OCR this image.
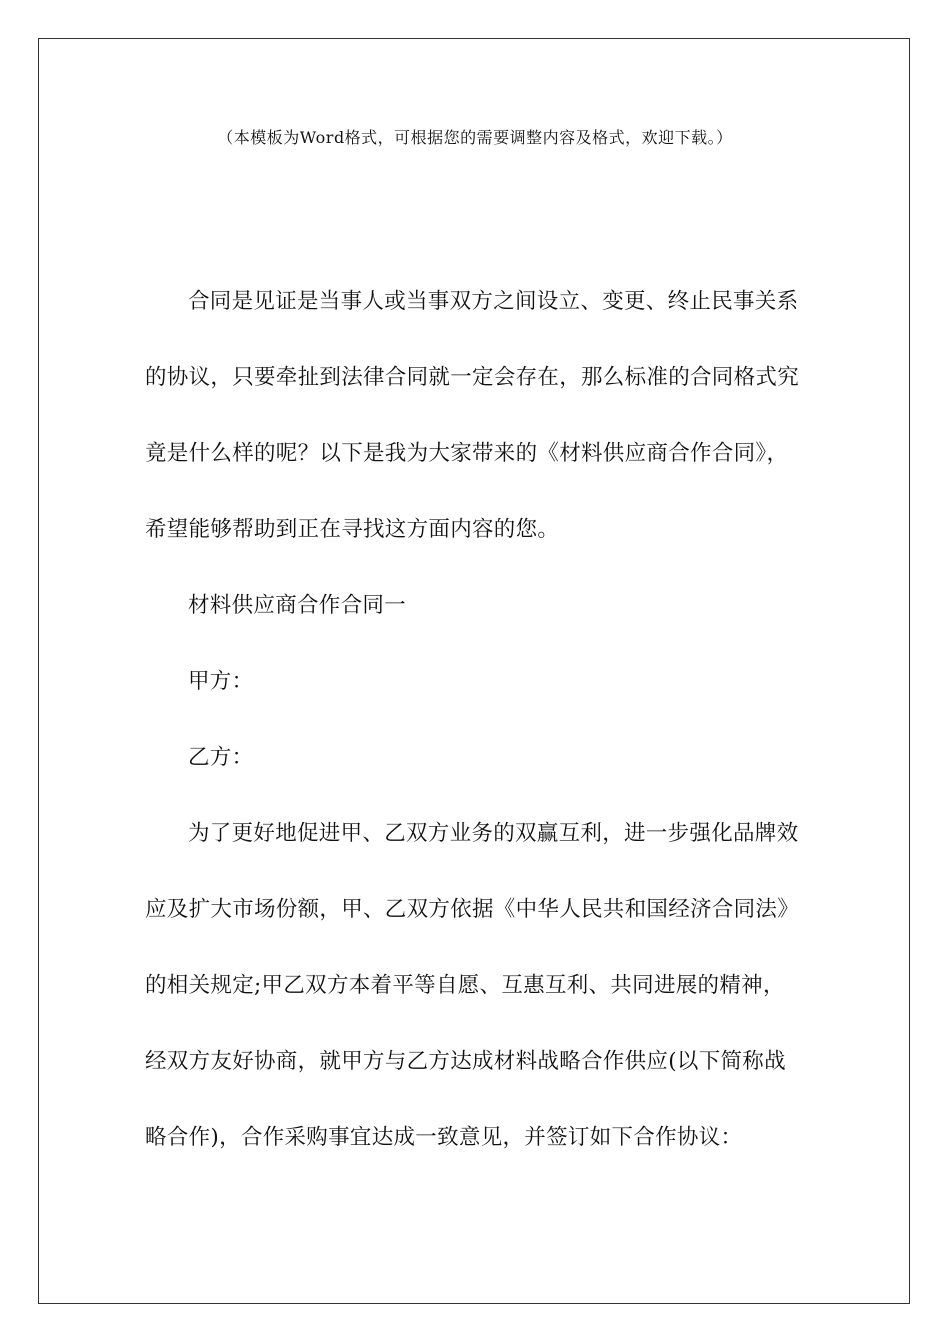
（本模板为Word格式，可根据您的需要调整内容及格式，欢迎下载。）

合同是见证是当事人或当事双方之间设立、变更、终止民事关系的协议，只要牵扯到法律合同就一定会存在，那么标准的合同格式究竟是什么样的呢？以下是我为大家带来的《材料供应商合作合同》，希望能够帮助到正在寻找这方面内容的您。

材料供应商合作合同一

甲方：

乙方：

为了更好地促进甲、乙双方业务的双赢互利，进一步强化品牌效应及扩大市场份额，甲、乙双方依据《中华人民共和国经济合同法》的相关规定;甲乙双方本着平等自愿、互惠互利、共同进展的精神，经双方友好协商，就甲方与乙方达成材料战略合作供应(以下简称战略合作)，合作采购事宜达成一致意见，并签订如下合作协议：
